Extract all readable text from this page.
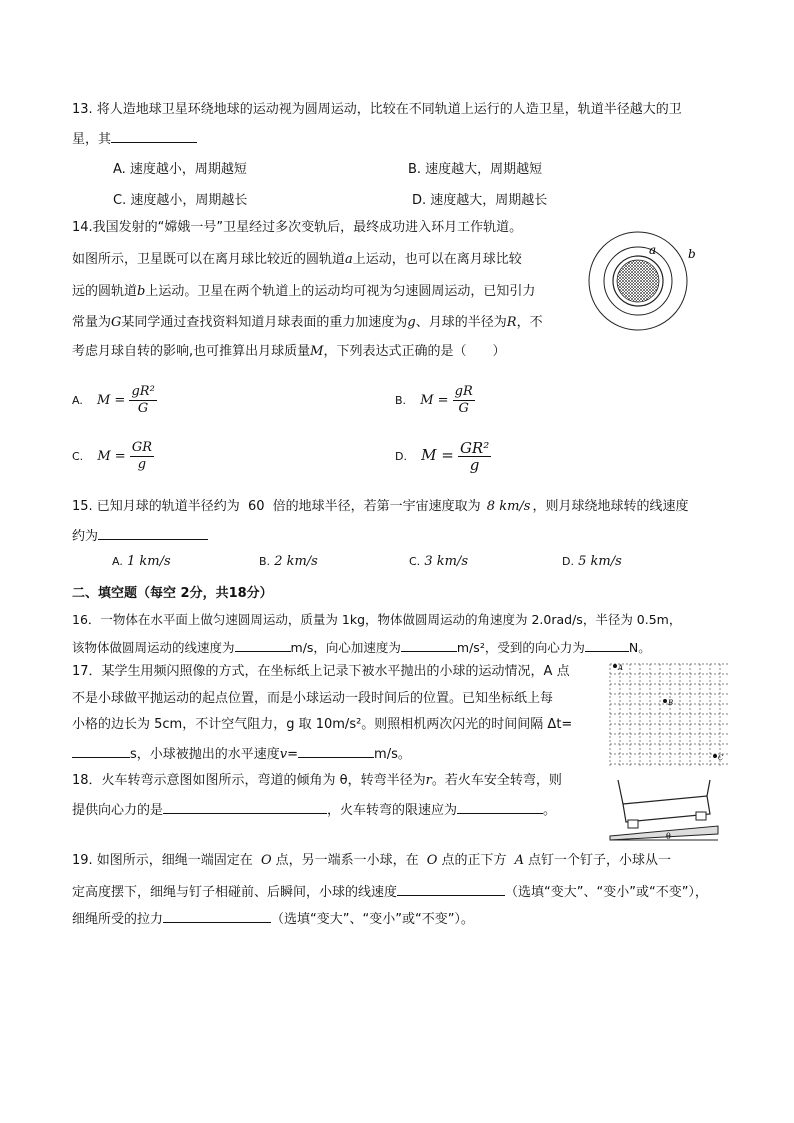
13. 将人造地球卫星环绕地球的运动视为圆周运动，比较在不同轨道上运行的人造卫星，轨道半径越大的卫
星，其
A. 速度越小，周期越短	B. 速度越大，周期越短
C. 速度越小，周期越长	D. 速度越大，周期越长
14.我国发射的“嫦娥一号”卫星经过多次变轨后，最终成功进入环月工作轨道。
如图所示，卫星既可以在离月球比较近的圆轨道a上运动，也可以在离月球比较
远的圆轨道b上运动。卫星在两个轨道上的运动均可视为匀速圆周运动，已知引力
常量为G某同学通过查找资料知道月球表面的重力加速度为g、月球的半径为R，不
考虑月球自转的影响,也可推算出月球质量M，下列表达式正确的是（　　）
a	b
A. $M = \frac{\text{gR²}}{G}$	B. $M = \frac{gR}{G}$
C. $M = \frac{GR}{g}$	D. $M = \frac{\text{GR²}}{g}$
15. 已知月球的轨道半径约为 60 倍的地球半径，若第一宇宙速度取为 8 km/s ，则月球绕地球转的线速度
约为
A. 1 km/s	B. 2 km/s	C. 3 km/s	D. 5 km/s
二、填空题（每空 2分，共18分）
16．一物体在水平面上做匀速圆周运动，质量为 1kg，物体做圆周运动的角速度为 2.0rad/s，半径为 0.5m，
该物体做圆周运动的线速度为	m/s，向心加速度为	m/s²，受到的向心力为	N。
17．某学生用频闪照像的方式，在坐标纸上记录下被水平抛出的小球的运动情况，A 点
不是小球做平抛运动的起点位置，而是小球运动一段时间后的位置。已知坐标纸上每
小格的边长为 5cm，不计空气阻力，g 取 10m/s²。则照相机两次闪光的时间间隔 Δt=
s，小球被抛出的水平速度v=	m/s。
A
B
C
18．火车转弯示意图如图所示，弯道的倾角为 θ，转弯半径为r。若火车安全转弯，则
提供向心力的是	，火车转弯的限速应为	。
θ
19. 如图所示，细绳一端固定在 O 点，另一端系一小球，在 O 点的正下方 A 点钉一个钉子，小球从一
定高度摆下，细绳与钉子相碰前、后瞬间，小球的线速度	（选填“变大”、“变小”或“不变”），
细绳所受的拉力	（选填“变大”、“变小”或“不变”）。
